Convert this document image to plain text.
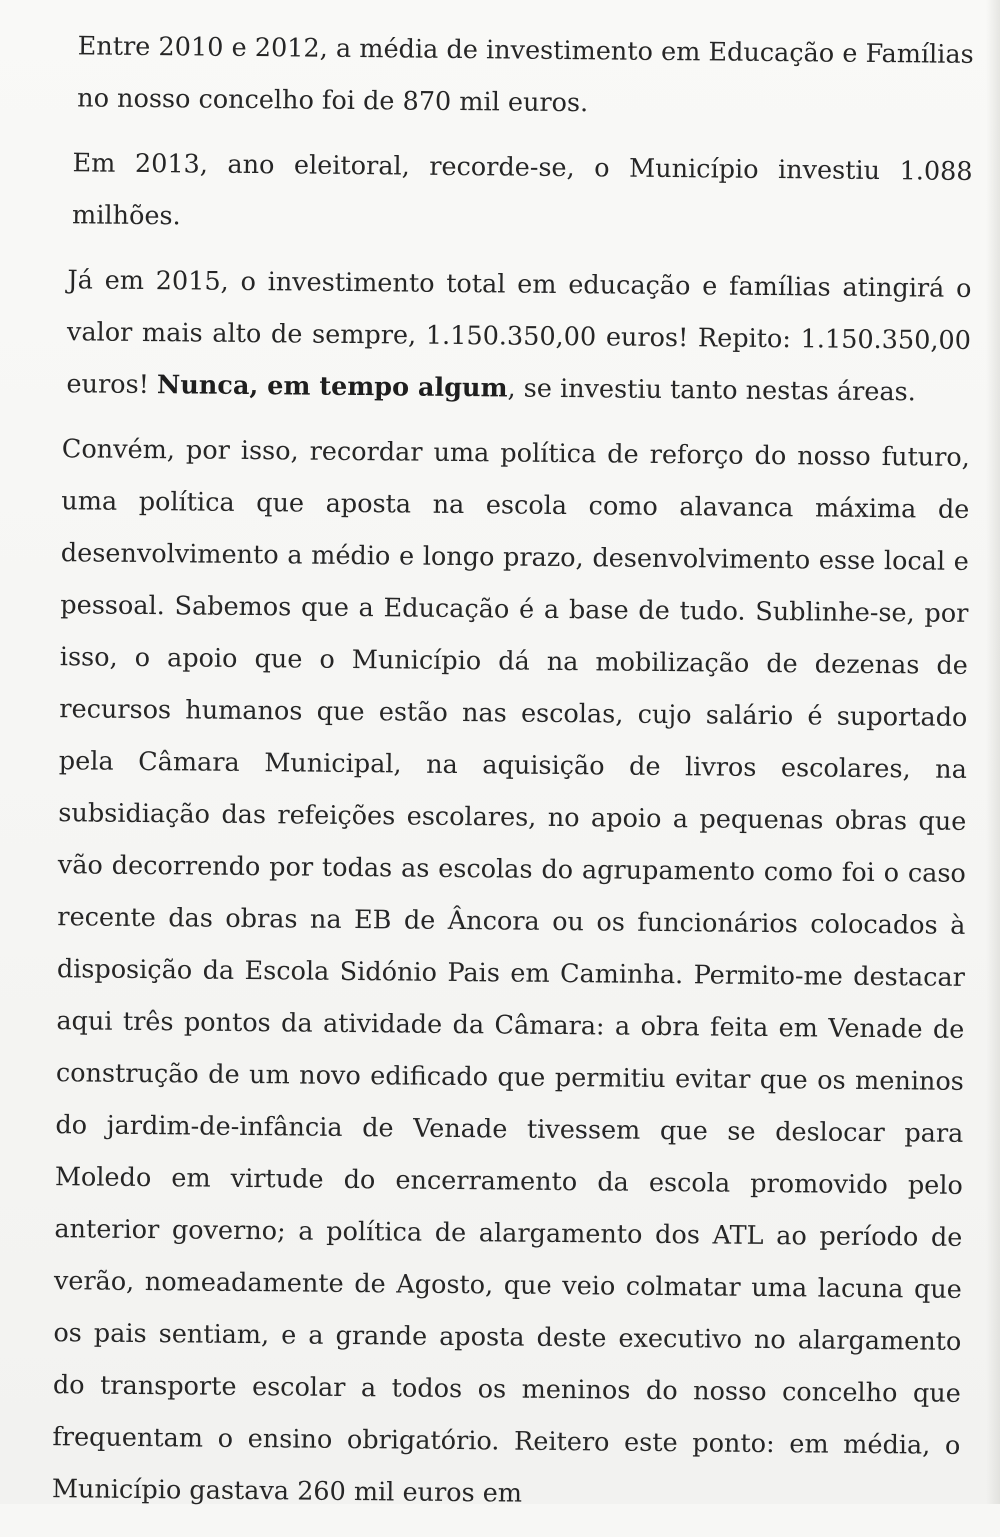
Entre 2010 e 2012, a média de investimento em Educação e Famílias no nosso concelho foi de 870 mil euros.

Em 2013, ano eleitoral, recorde-se, o Município investiu 1.088 milhões.

Já em 2015, o investimento total em educação e famílias atingirá o valor mais alto de sempre, 1.150.350,00 euros! Repito: 1.150.350,00 euros! Nunca, em tempo algum, se investiu tanto nestas áreas.

Convém, por isso, recordar uma política de reforço do nosso futuro, uma política que aposta na escola como alavanca máxima de desenvolvimento a médio e longo prazo, desenvolvimento esse local e pessoal. Sabemos que a Educação é a base de tudo. Sublinhe-se, por isso, o apoio que o Município dá na mobilização de dezenas de recursos humanos que estão nas escolas, cujo salário é suportado pela Câmara Municipal, na aquisição de livros escolares, na subsidiação das refeições escolares, no apoio a pequenas obras que vão decorrendo por todas as escolas do agrupamento como foi o caso recente das obras na EB de Âncora ou os funcionários colocados à disposição da Escola Sidónio Pais em Caminha. Permito-me destacar aqui três pontos da atividade da Câmara: a obra feita em Venade de construção de um novo edificado que permitiu evitar que os meninos do jardim-de-infância de Venade tivessem que se deslocar para Moledo em virtude do encerramento da escola promovido pelo anterior governo; a política de alargamento dos ATL ao período de verão, nomeadamente de Agosto, que veio colmatar uma lacuna que os pais sentiam, e a grande aposta deste executivo no alargamento do transporte escolar a todos os meninos do nosso concelho que frequentam o ensino obrigatório. Reitero este ponto: em média, o Município gastava 260 mil euros em
